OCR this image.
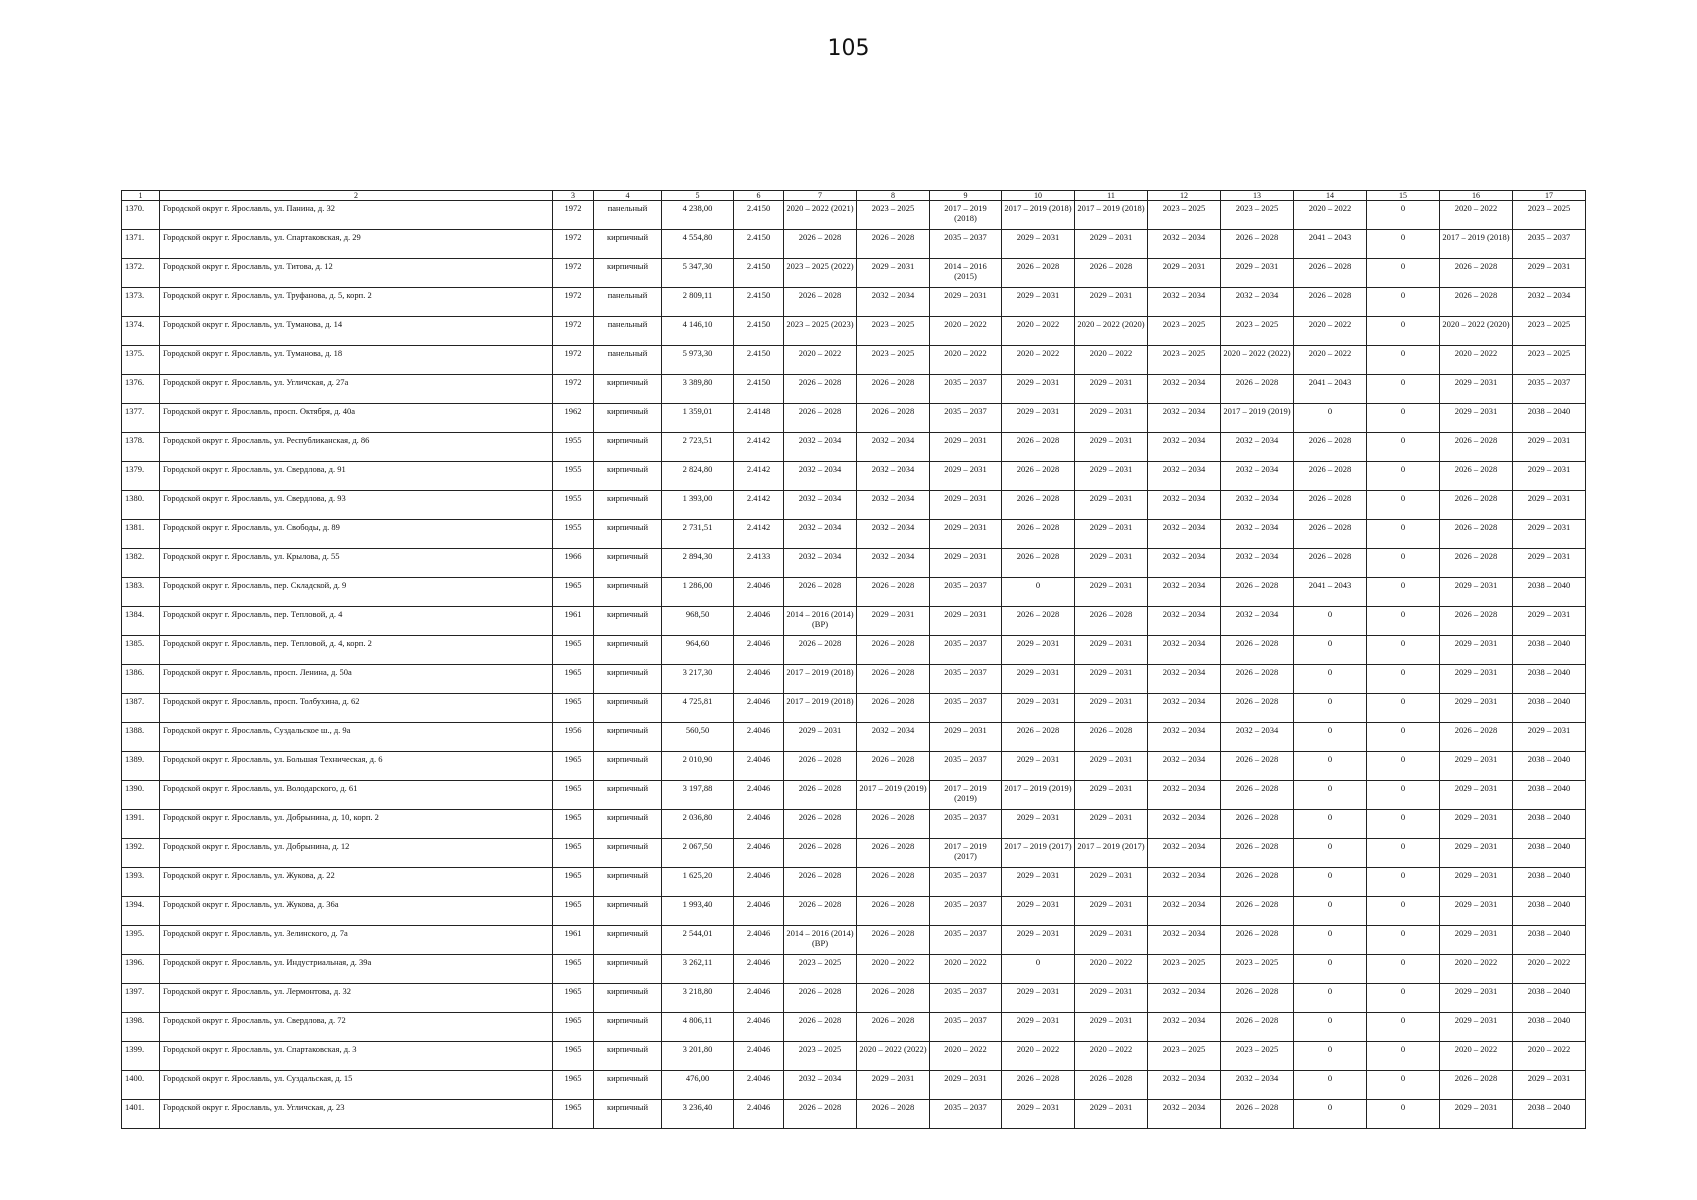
105
1	2	3	4	5	6	7	8	9	10	11	12	13	14	15	16	17
1370.	Городской округ г. Ярославль, ул. Панина, д. 32	1972	панельный	4 238,00	2.4150	2020 – 2022 (2021)	2023 – 2025	2017 – 2019 (2018)	2017 – 2019 (2018)	2017 – 2019 (2018)	2023 – 2025	2023 – 2025	2020 – 2022	0	2020 – 2022	2023 – 2025
1371.	Городской округ г. Ярославль, ул. Спартаковская, д. 29	1972	кирпичный	4 554,80	2.4150	2026 – 2028	2026 – 2028	2035 – 2037	2029 – 2031	2029 – 2031	2032 – 2034	2026 – 2028	2041 – 2043	0	2017 – 2019 (2018)	2035 – 2037
1372.	Городской округ г. Ярославль, ул. Титова, д. 12	1972	кирпичный	5 347,30	2.4150	2023 – 2025 (2022)	2029 – 2031	2014 – 2016 (2015)	2026 – 2028	2026 – 2028	2029 – 2031	2029 – 2031	2026 – 2028	0	2026 – 2028	2029 – 2031
1373.	Городской округ г. Ярославль, ул. Труфанова, д. 5, корп. 2	1972	панельный	2 809,11	2.4150	2026 – 2028	2032 – 2034	2029 – 2031	2029 – 2031	2029 – 2031	2032 – 2034	2032 – 2034	2026 – 2028	0	2026 – 2028	2032 – 2034
1374.	Городской округ г. Ярославль, ул. Туманова, д. 14	1972	панельный	4 146,10	2.4150	2023 – 2025 (2023)	2023 – 2025	2020 – 2022	2020 – 2022	2020 – 2022 (2020)	2023 – 2025	2023 – 2025	2020 – 2022	0	2020 – 2022 (2020)	2023 – 2025
1375.	Городской округ г. Ярославль, ул. Туманова, д. 18	1972	панельный	5 973,30	2.4150	2020 – 2022	2023 – 2025	2020 – 2022	2020 – 2022	2020 – 2022	2023 – 2025	2020 – 2022 (2022)	2020 – 2022	0	2020 – 2022	2023 – 2025
1376.	Городской округ г. Ярославль, ул. Угличская, д. 27а	1972	кирпичный	3 389,80	2.4150	2026 – 2028	2026 – 2028	2035 – 2037	2029 – 2031	2029 – 2031	2032 – 2034	2026 – 2028	2041 – 2043	0	2029 – 2031	2035 – 2037
1377.	Городской округ г. Ярославль, просп. Октября, д. 40а	1962	кирпичный	1 359,01	2.4148	2026 – 2028	2026 – 2028	2035 – 2037	2029 – 2031	2029 – 2031	2032 – 2034	2017 – 2019 (2019)	0	0	2029 – 2031	2038 – 2040
1378.	Городской округ г. Ярославль, ул. Республиканская, д. 86	1955	кирпичный	2 723,51	2.4142	2032 – 2034	2032 – 2034	2029 – 2031	2026 – 2028	2029 – 2031	2032 – 2034	2032 – 2034	2026 – 2028	0	2026 – 2028	2029 – 2031
1379.	Городской округ г. Ярославль, ул. Свердлова, д. 91	1955	кирпичный	2 824,80	2.4142	2032 – 2034	2032 – 2034	2029 – 2031	2026 – 2028	2029 – 2031	2032 – 2034	2032 – 2034	2026 – 2028	0	2026 – 2028	2029 – 2031
1380.	Городской округ г. Ярославль, ул. Свердлова, д. 93	1955	кирпичный	1 393,00	2.4142	2032 – 2034	2032 – 2034	2029 – 2031	2026 – 2028	2029 – 2031	2032 – 2034	2032 – 2034	2026 – 2028	0	2026 – 2028	2029 – 2031
1381.	Городской округ г. Ярославль, ул. Свободы, д. 89	1955	кирпичный	2 731,51	2.4142	2032 – 2034	2032 – 2034	2029 – 2031	2026 – 2028	2029 – 2031	2032 – 2034	2032 – 2034	2026 – 2028	0	2026 – 2028	2029 – 2031
1382.	Городской округ г. Ярославль, ул. Крылова, д. 55	1966	кирпичный	2 894,30	2.4133	2032 – 2034	2032 – 2034	2029 – 2031	2026 – 2028	2029 – 2031	2032 – 2034	2032 – 2034	2026 – 2028	0	2026 – 2028	2029 – 2031
1383.	Городской округ г. Ярославль, пер. Складской, д. 9	1965	кирпичный	1 286,00	2.4046	2026 – 2028	2026 – 2028	2035 – 2037	0	2029 – 2031	2032 – 2034	2026 – 2028	2041 – 2043	0	2029 – 2031	2038 – 2040
1384.	Городской округ г. Ярославль, пер. Тепловой, д. 4	1961	кирпичный	968,50	2.4046	2014 – 2016 (2014) (ВР)	2029 – 2031	2029 – 2031	2026 – 2028	2026 – 2028	2032 – 2034	2032 – 2034	0	0	2026 – 2028	2029 – 2031
1385.	Городской округ г. Ярославль, пер. Тепловой, д. 4, корп. 2	1965	кирпичный	964,60	2.4046	2026 – 2028	2026 – 2028	2035 – 2037	2029 – 2031	2029 – 2031	2032 – 2034	2026 – 2028	0	0	2029 – 2031	2038 – 2040
1386.	Городской округ г. Ярославль, просп. Ленина, д. 50а	1965	кирпичный	3 217,30	2.4046	2017 – 2019 (2018)	2026 – 2028	2035 – 2037	2029 – 2031	2029 – 2031	2032 – 2034	2026 – 2028	0	0	2029 – 2031	2038 – 2040
1387.	Городской округ г. Ярославль, просп. Толбухина, д. 62	1965	кирпичный	4 725,81	2.4046	2017 – 2019 (2018)	2026 – 2028	2035 – 2037	2029 – 2031	2029 – 2031	2032 – 2034	2026 – 2028	0	0	2029 – 2031	2038 – 2040
1388.	Городской округ г. Ярославль, Суздальское ш., д. 9а	1956	кирпичный	560,50	2.4046	2029 – 2031	2032 – 2034	2029 – 2031	2026 – 2028	2026 – 2028	2032 – 2034	2032 – 2034	0	0	2026 – 2028	2029 – 2031
1389.	Городской округ г. Ярославль, ул. Большая Техническая, д. 6	1965	кирпичный	2 010,90	2.4046	2026 – 2028	2026 – 2028	2035 – 2037	2029 – 2031	2029 – 2031	2032 – 2034	2026 – 2028	0	0	2029 – 2031	2038 – 2040
1390.	Городской округ г. Ярославль, ул. Володарского, д. 61	1965	кирпичный	3 197,88	2.4046	2026 – 2028	2017 – 2019 (2019)	2017 – 2019 (2019)	2017 – 2019 (2019)	2029 – 2031	2032 – 2034	2026 – 2028	0	0	2029 – 2031	2038 – 2040
1391.	Городской округ г. Ярославль, ул. Добрынина, д. 10, корп. 2	1965	кирпичный	2 036,80	2.4046	2026 – 2028	2026 – 2028	2035 – 2037	2029 – 2031	2029 – 2031	2032 – 2034	2026 – 2028	0	0	2029 – 2031	2038 – 2040
1392.	Городской округ г. Ярославль, ул. Добрынина, д. 12	1965	кирпичный	2 067,50	2.4046	2026 – 2028	2026 – 2028	2017 – 2019 (2017)	2017 – 2019 (2017)	2017 – 2019 (2017)	2032 – 2034	2026 – 2028	0	0	2029 – 2031	2038 – 2040
1393.	Городской округ г. Ярославль, ул. Жукова, д. 22	1965	кирпичный	1 625,20	2.4046	2026 – 2028	2026 – 2028	2035 – 2037	2029 – 2031	2029 – 2031	2032 – 2034	2026 – 2028	0	0	2029 – 2031	2038 – 2040
1394.	Городской округ г. Ярославль, ул. Жукова, д. 36а	1965	кирпичный	1 993,40	2.4046	2026 – 2028	2026 – 2028	2035 – 2037	2029 – 2031	2029 – 2031	2032 – 2034	2026 – 2028	0	0	2029 – 2031	2038 – 2040
1395.	Городской округ г. Ярославль, ул. Зелинского, д. 7а	1961	кирпичный	2 544,01	2.4046	2014 – 2016 (2014) (ВР)	2026 – 2028	2035 – 2037	2029 – 2031	2029 – 2031	2032 – 2034	2026 – 2028	0	0	2029 – 2031	2038 – 2040
1396.	Городской округ г. Ярославль, ул. Индустриальная, д. 39а	1965	кирпичный	3 262,11	2.4046	2023 – 2025	2020 – 2022	2020 – 2022	0	2020 – 2022	2023 – 2025	2023 – 2025	0	0	2020 – 2022	2020 – 2022
1397.	Городской округ г. Ярославль, ул. Лермонтова, д. 32	1965	кирпичный	3 218,80	2.4046	2026 – 2028	2026 – 2028	2035 – 2037	2029 – 2031	2029 – 2031	2032 – 2034	2026 – 2028	0	0	2029 – 2031	2038 – 2040
1398.	Городской округ г. Ярославль, ул. Свердлова, д. 72	1965	кирпичный	4 806,11	2.4046	2026 – 2028	2026 – 2028	2035 – 2037	2029 – 2031	2029 – 2031	2032 – 2034	2026 – 2028	0	0	2029 – 2031	2038 – 2040
1399.	Городской округ г. Ярославль, ул. Спартаковская, д. 3	1965	кирпичный	3 201,80	2.4046	2023 – 2025	2020 – 2022 (2022)	2020 – 2022	2020 – 2022	2020 – 2022	2023 – 2025	2023 – 2025	0	0	2020 – 2022	2020 – 2022
1400.	Городской округ г. Ярославль, ул. Суздальская, д. 15	1965	кирпичный	476,00	2.4046	2032 – 2034	2029 – 2031	2029 – 2031	2026 – 2028	2026 – 2028	2032 – 2034	2032 – 2034	0	0	2026 – 2028	2029 – 2031
1401.	Городской округ г. Ярославль, ул. Угличская, д. 23	1965	кирпичный	3 236,40	2.4046	2026 – 2028	2026 – 2028	2035 – 2037	2029 – 2031	2029 – 2031	2032 – 2034	2026 – 2028	0	0	2029 – 2031	2038 – 2040
